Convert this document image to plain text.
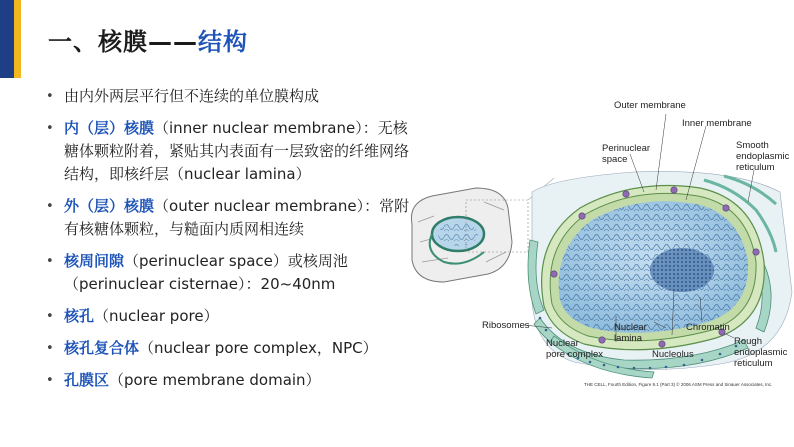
一、核膜——结构
• 由内外两层平行但不连续的单位膜构成
• 内（层）核膜（inner nuclear membrane）：无核糖体颗粒附着，紧贴其内表面有一层致密的纤维网络结构，即核纤层（nuclear lamina）
• 外（层）核膜（outer nuclear membrane）：常附有核糖体颗粒，与糙面内质网相连续
• 核周间隙（perinuclear space）或核周池（perinuclear cisternae）：20~40nm
• 核孔（nuclear pore）
• 核孔复合体（nuclear pore complex，NPC）
• 孔膜区（pore membrane domain）
Outer membrane
Inner membrane
Perinuclear
space
Smooth
endoplasmic
reticulum
Ribosomes
Nuclear
pore complex
Nuclear
lamina
Chromatin
Nucleolus
Rough
endoplasmic
reticulum
THE CELL, Fourth Edition, Figure 9.1 (Part 3) © 2006 ASM Press and Sinauer Associates, Inc.
